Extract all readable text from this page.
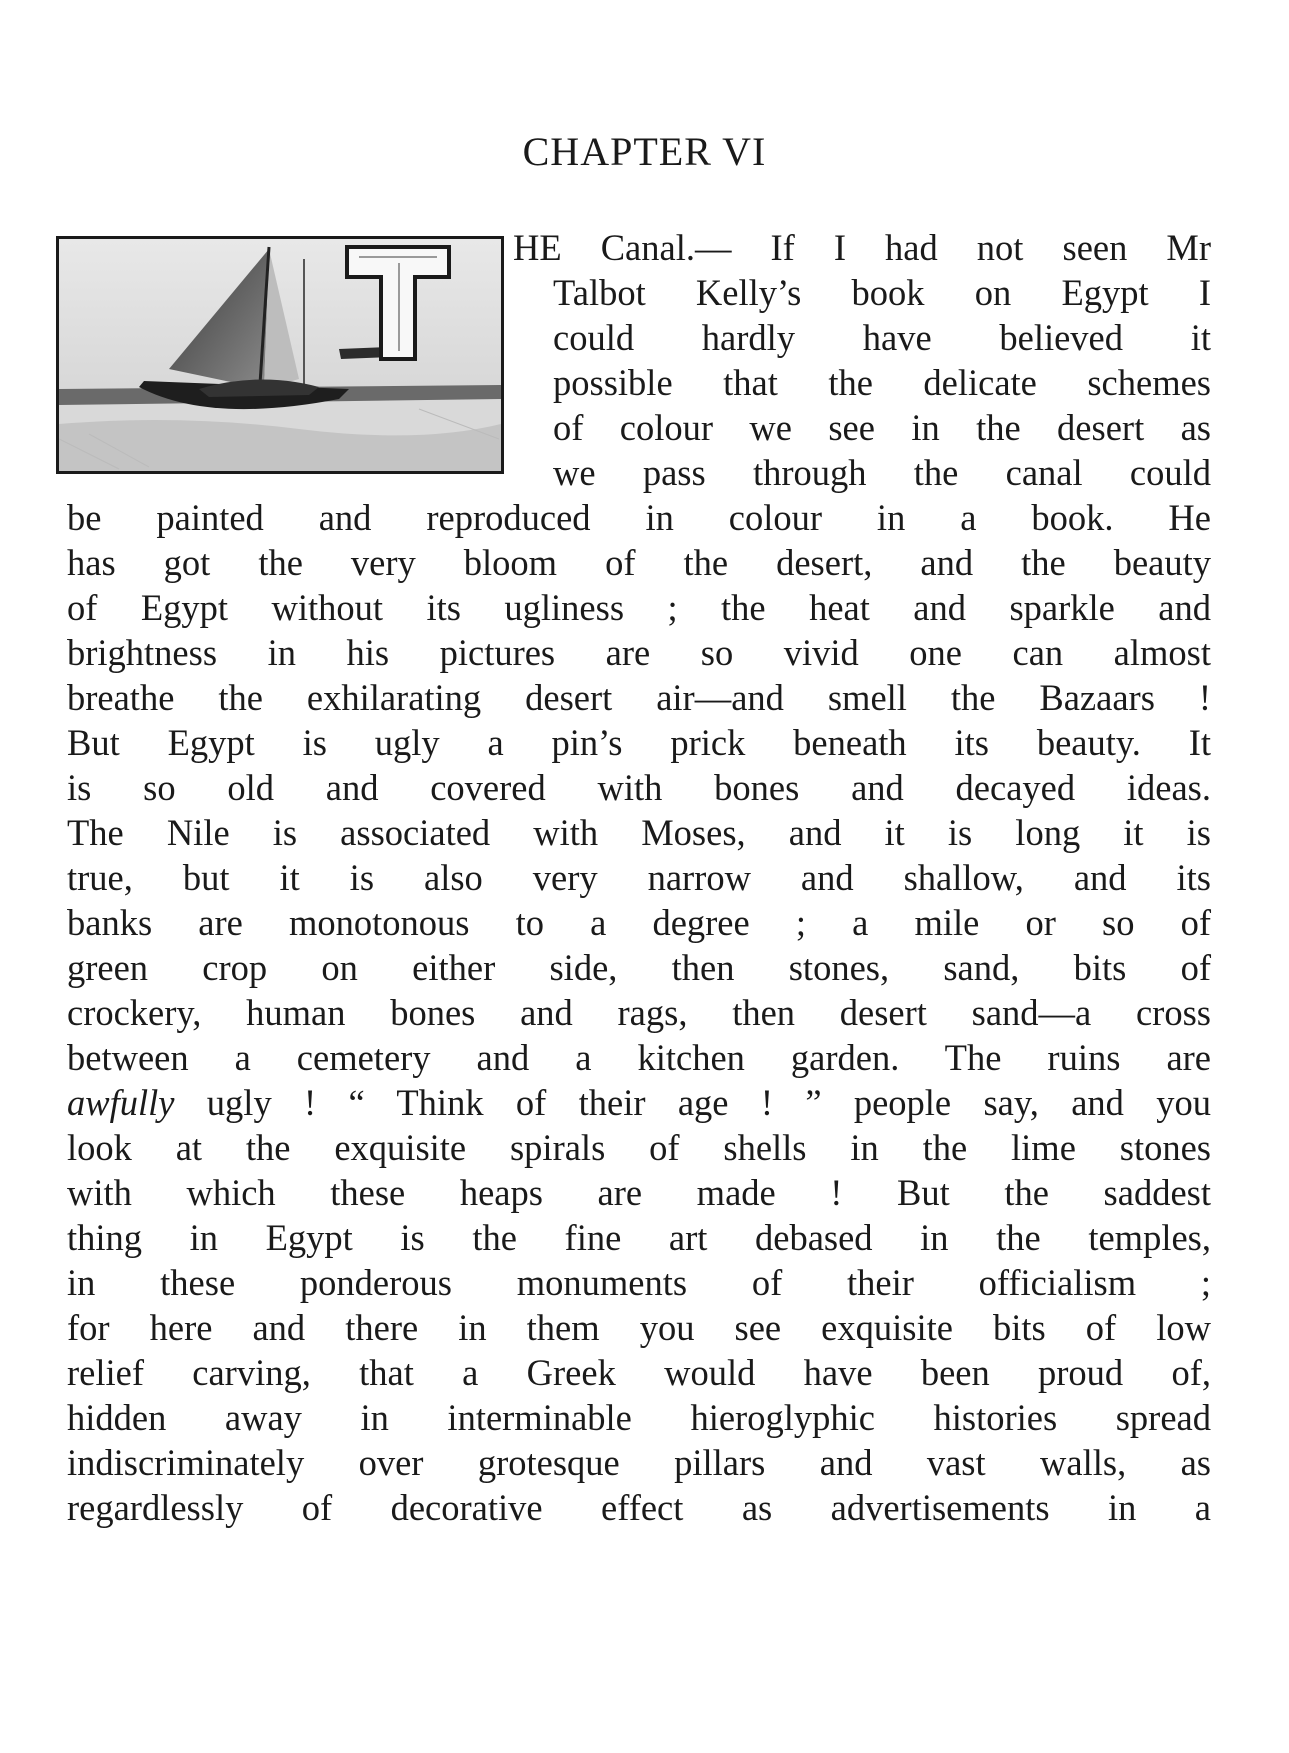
CHAPTER VI
HE Canal.— If I had not seen Mr
Talbot Kelly’s book on Egypt I
could hardly have believed it
possible that the delicate schemes
of colour we see in the desert as
we pass through the canal could
be painted and reproduced in colour in a book. He
has got the very bloom of the desert, and the beauty
of Egypt without its ugliness ; the heat and sparkle and
brightness in his pictures are so vivid one can almost
breathe the exhilarating desert air—and smell the Bazaars !
But Egypt is ugly a pin’s prick beneath its beauty. It
is so old and covered with bones and decayed ideas.
The Nile is associated with Moses, and it is long it is
true, but it is also very narrow and shallow, and its
banks are monotonous to a degree ; a mile or so of
green crop on either side, then stones, sand, bits of
crockery, human bones and rags, then desert sand—a cross
between a cemetery and a kitchen garden. The ruins are
awfully ugly ! “ Think of their age ! ” people say, and you
look at the exquisite spirals of shells in the lime stones
with which these heaps are made ! But the saddest
thing in Egypt is the fine art debased in the temples,
in these ponderous monuments of their officialism ;
for here and there in them you see exquisite bits of low
relief carving, that a Greek would have been proud of,
hidden away in interminable hieroglyphic histories spread
indiscriminately over grotesque pillars and vast walls, as
regardlessly of decorative effect as advertisements in a
